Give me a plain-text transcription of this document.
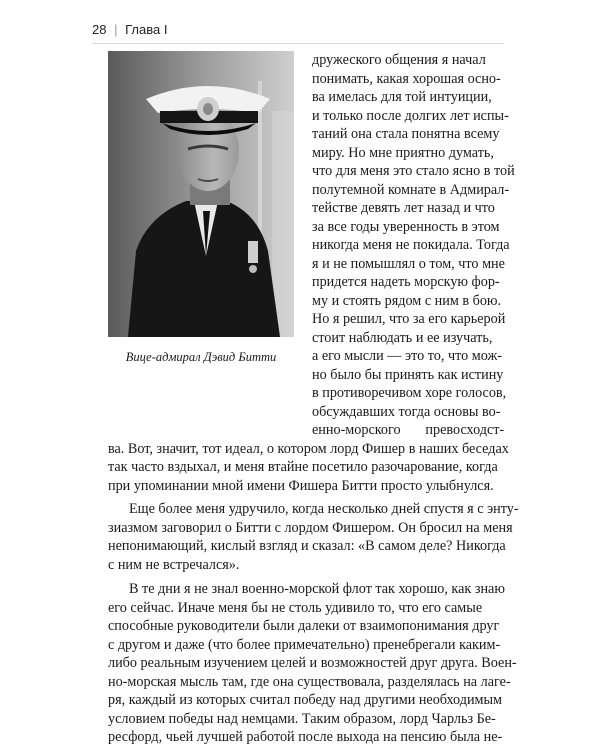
28 | Глава I
Вице-адмирал Дэвид Битти
дружеского общения я начал
понимать, какая хорошая осно-
ва имелась для той интуиции,
и только после долгих лет испы-
таний она стала понятна всему
миру. Но мне приятно думать,
что для меня это стало ясно в той
полутемной комнате в Адмирал-
тействе девять лет назад и что
за все годы уверенность в этом
никогда меня не покидала. Тогда
я и не помышлял о том, что мне
придется надеть морскую фор-
му и стоять рядом с ним в бою.
Но я решил, что за его карьерой
стоит наблюдать и ее изучать,
а его мысли — это то, что мож-
но было бы принять как истину
в противоречивом хоре голосов,
обсуждавших тогда основы во-
енно-морского       превосходст-
ва. Вот, значит, тот идеал, о котором лорд Фишер в наших беседах
так часто вздыхал, и меня втайне посетило разочарование, когда
при упоминании мной имени Фишера Битти просто улыбнулся.
Еще более меня удручило, когда несколько дней спустя я с энту-
зиазмом заговорил о Битти с лордом Фишером. Он бросил на меня
непонимающий, кислый взгляд и сказал: «В самом деле? Никогда
с ним не встречался».
В те дни я не знал военно-морской флот так хорошо, как знаю
его сейчас. Иначе меня бы не столь удивило то, что его самые
способные руководители были далеки от взаимопонимания друг
с другом и даже (что более примечательно) пренебрегали каким-
либо реальным изучением целей и возможностей друг друга. Воен-
но-морская мысль там, где она существовала, разделялась на лаге-
ря, каждый из которых считал победу над другими необходимым
условием победы над немцами. Таким образом, лорд Чарльз Бе-
ресфорд, чьей лучшей работой после выхода на пенсию была не-
